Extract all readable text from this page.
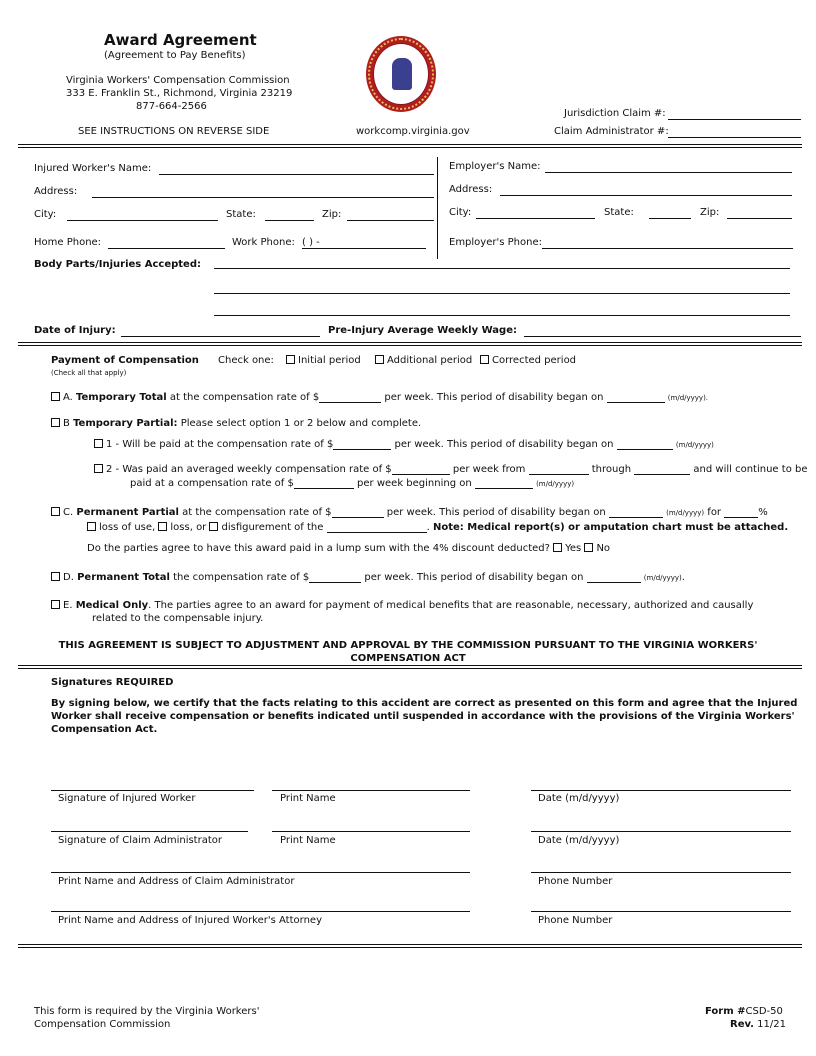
Award Agreement
(Agreement to Pay Benefits)
Virginia Workers' Compensation Commission
333 E. Franklin St., Richmond, Virginia 23219
877-664-2566
SEE INSTRUCTIONS ON REVERSE SIDE	workcomp.virginia.gov
Jurisdiction Claim #:
Claim Administrator #:
Injured Worker's Name:
Address:
City:	State:	Zip:
Home Phone:	Work Phone: ( ) -
Employer's Name:
Address:
City:	State:	Zip:
Employer's Phone:
Body Parts/Injuries Accepted:
Date of Injury:	Pre-Injury Average Weekly Wage:
Payment of Compensation
(Check all that apply)
Check one:	Initial period	Additional period	Corrected period
A. Temporary Total at the compensation rate of $	per week. This period of disability began on	(m/d/yyyy).
B Temporary Partial: Please select option 1 or 2 below and complete.
1 - Will be paid at the compensation rate of $	per week. This period of disability began on	(m/d/yyyy)
2 - Was paid an averaged weekly compensation rate of $	per week from	through	and will continue to be
paid at a compensation rate of $	per week beginning on	(m/d/yyyy)
C. Permanent Partial at the compensation rate of $	per week. This period of disability began on	(m/d/yyyy) for	%
loss of use, loss, or disfigurement of the	. Note: Medical report(s) or amputation chart must be attached.
Do the parties agree to have this award paid in a lump sum with the 4% discount deducted? Yes No
D. Permanent Total the compensation rate of $	per week. This period of disability began on	(m/d/yyyy).
E. Medical Only. The parties agree to an award for payment of medical benefits that are reasonable, necessary, authorized and causally
related to the compensable injury.
THIS AGREEMENT IS SUBJECT TO ADJUSTMENT AND APPROVAL BY THE COMMISSION PURSUANT TO THE VIRGINIA WORKERS'
COMPENSATION ACT
Signatures REQUIRED
By signing below, we certify that the facts relating to this accident are correct as presented on this form and agree that the Injured
Worker shall receive compensation or benefits indicated until suspended in accordance with the provisions of the Virginia Workers'
Compensation Act.
Signature of Injured Worker	Print Name	Date (m/d/yyyy)
Signature of Claim Administrator	Print Name	Date (m/d/yyyy)
Print Name and Address of Claim Administrator	Phone Number
Print Name and Address of Injured Worker's Attorney	Phone Number
This form is required by the Virginia Workers'
Compensation Commission
Form #CSD-50
Rev. 11/21
